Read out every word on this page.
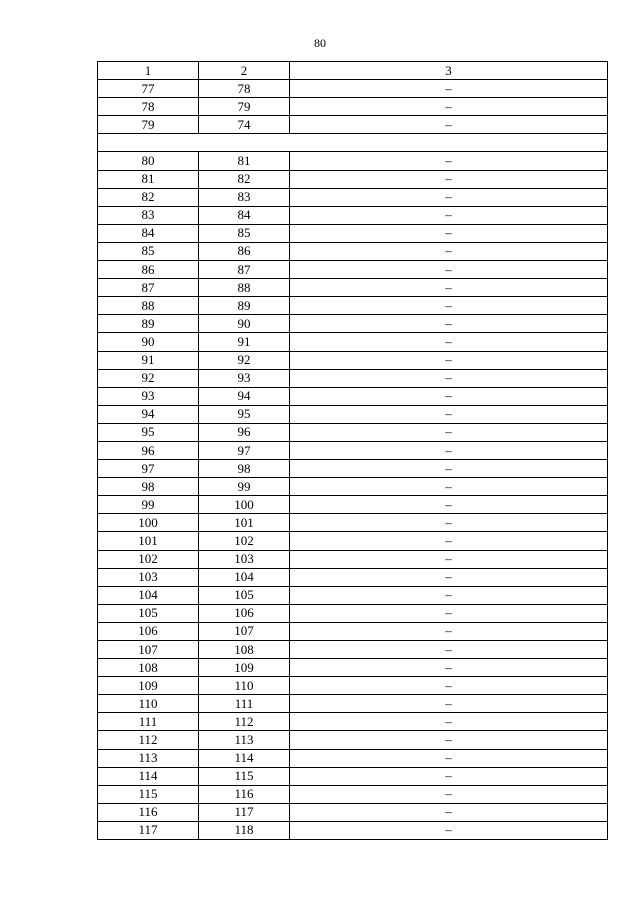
80
1	2	3
77	78	–
78	79	–
79	74	–

80	81	–
81	82	–
82	83	–
83	84	–
84	85	–
85	86	–
86	87	–
87	88	–
88	89	–
89	90	–
90	91	–
91	92	–
92	93	–
93	94	–
94	95	–
95	96	–
96	97	–
97	98	–
98	99	–
99	100	–
100	101	–
101	102	–
102	103	–
103	104	–
104	105	–
105	106	–
106	107	–
107	108	–
108	109	–
109	110	–
110	111	–
111	112	–
112	113	–
113	114	–
114	115	–
115	116	–
116	117	–
117	118	–
